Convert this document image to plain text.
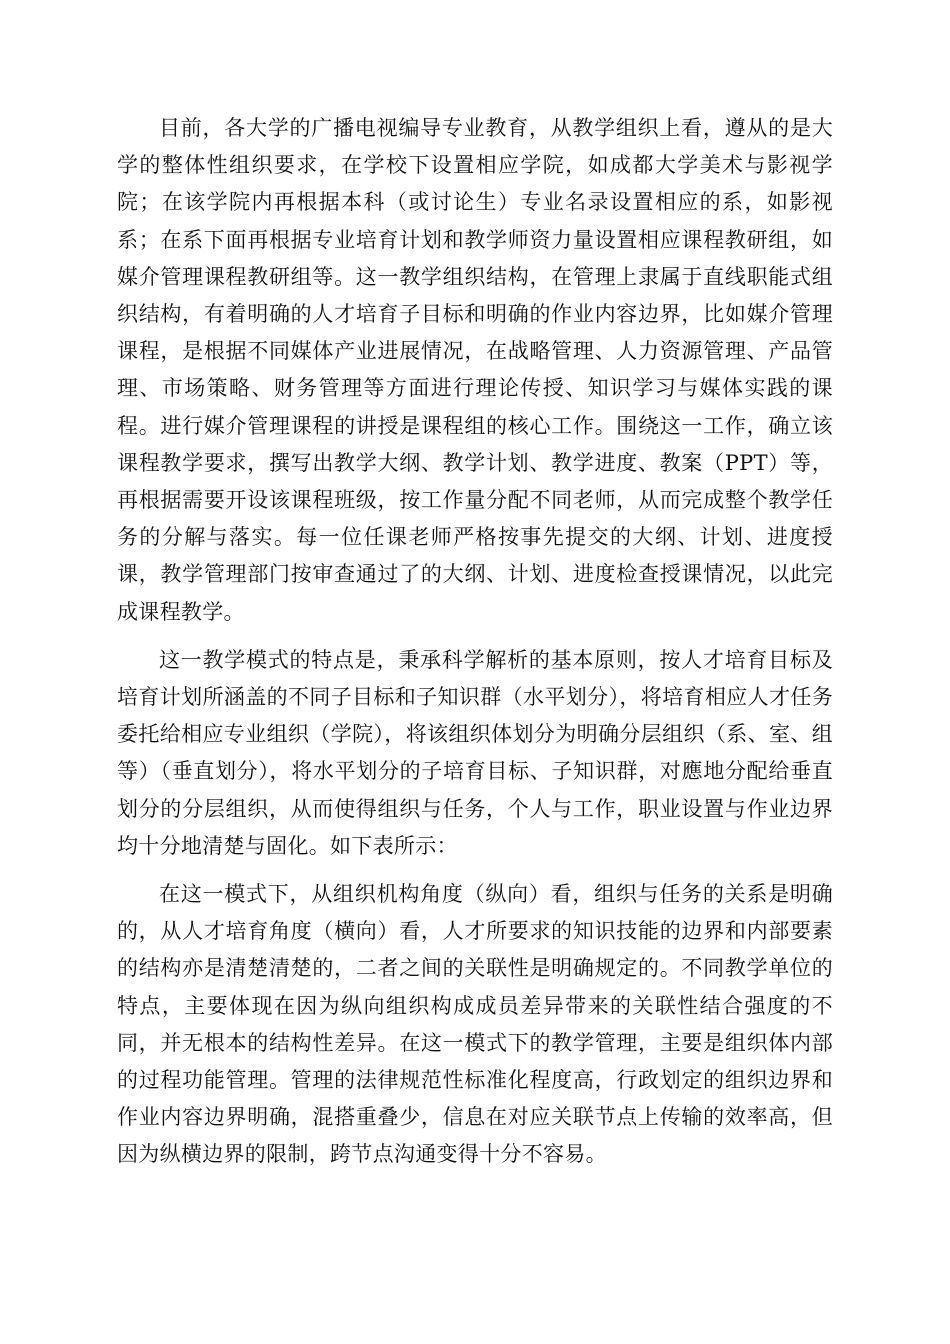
目前，各大学的广播电视编导专业教育，从教学组织上看，遵从的是大学的整体性组织要求，在学校下设置相应学院，如成都大学美术与影视学院；在该学院内再根据本科（或讨论生）专业名录设置相应的系，如影视系；在系下面再根据专业培育计划和教学师资力量设置相应课程教研组，如媒介管理课程教研组等。这一教学组织结构，在管理上隶属于直线职能式组织结构，有着明确的人才培育子目标和明确的作业内容边界，比如媒介管理课程，是根据不同媒体产业进展情况，在战略管理、人力资源管理、产品管理、市场策略、财务管理等方面进行理论传授、知识学习与媒体实践的课程。进行媒介管理课程的讲授是课程组的核心工作。围绕这一工作，确立该课程教学要求，撰写出教学大纲、教学计划、教学进度、教案（PPT）等，再根据需要开设该课程班级，按工作量分配不同老师，从而完成整个教学任务的分解与落实。每一位任课老师严格按事先提交的大纲、计划、进度授课，教学管理部门按审查通过了的大纲、计划、进度检查授课情况，以此完成课程教学。

这一教学模式的特点是，秉承科学解析的基本原则，按人才培育目标及培育计划所涵盖的不同子目标和子知识群（水平划分），将培育相应人才任务委托给相应专业组织（学院），将该组织体划分为明确分层组织（系、室、组等）（垂直划分），将水平划分的子培育目标、子知识群，对應地分配给垂直划分的分层组织，从而使得组织与任务，个人与工作，职业设置与作业边界均十分地清楚与固化。如下表所示：

在这一模式下，从组织机构角度（纵向）看，组织与任务的关系是明确的，从人才培育角度（横向）看，人才所要求的知识技能的边界和内部要素的结构亦是清楚清楚的，二者之间的关联性是明确规定的。不同教学单位的特点，主要体现在因为纵向组织构成成员差异带来的关联性结合强度的不同，并无根本的结构性差异。在这一模式下的教学管理，主要是组织体内部的过程功能管理。管理的法律规范性标准化程度高，行政划定的组织边界和作业内容边界明确，混搭重叠少，信息在对应关联节点上传输的效率高，但因为纵横边界的限制，跨节点沟通变得十分不容易。
